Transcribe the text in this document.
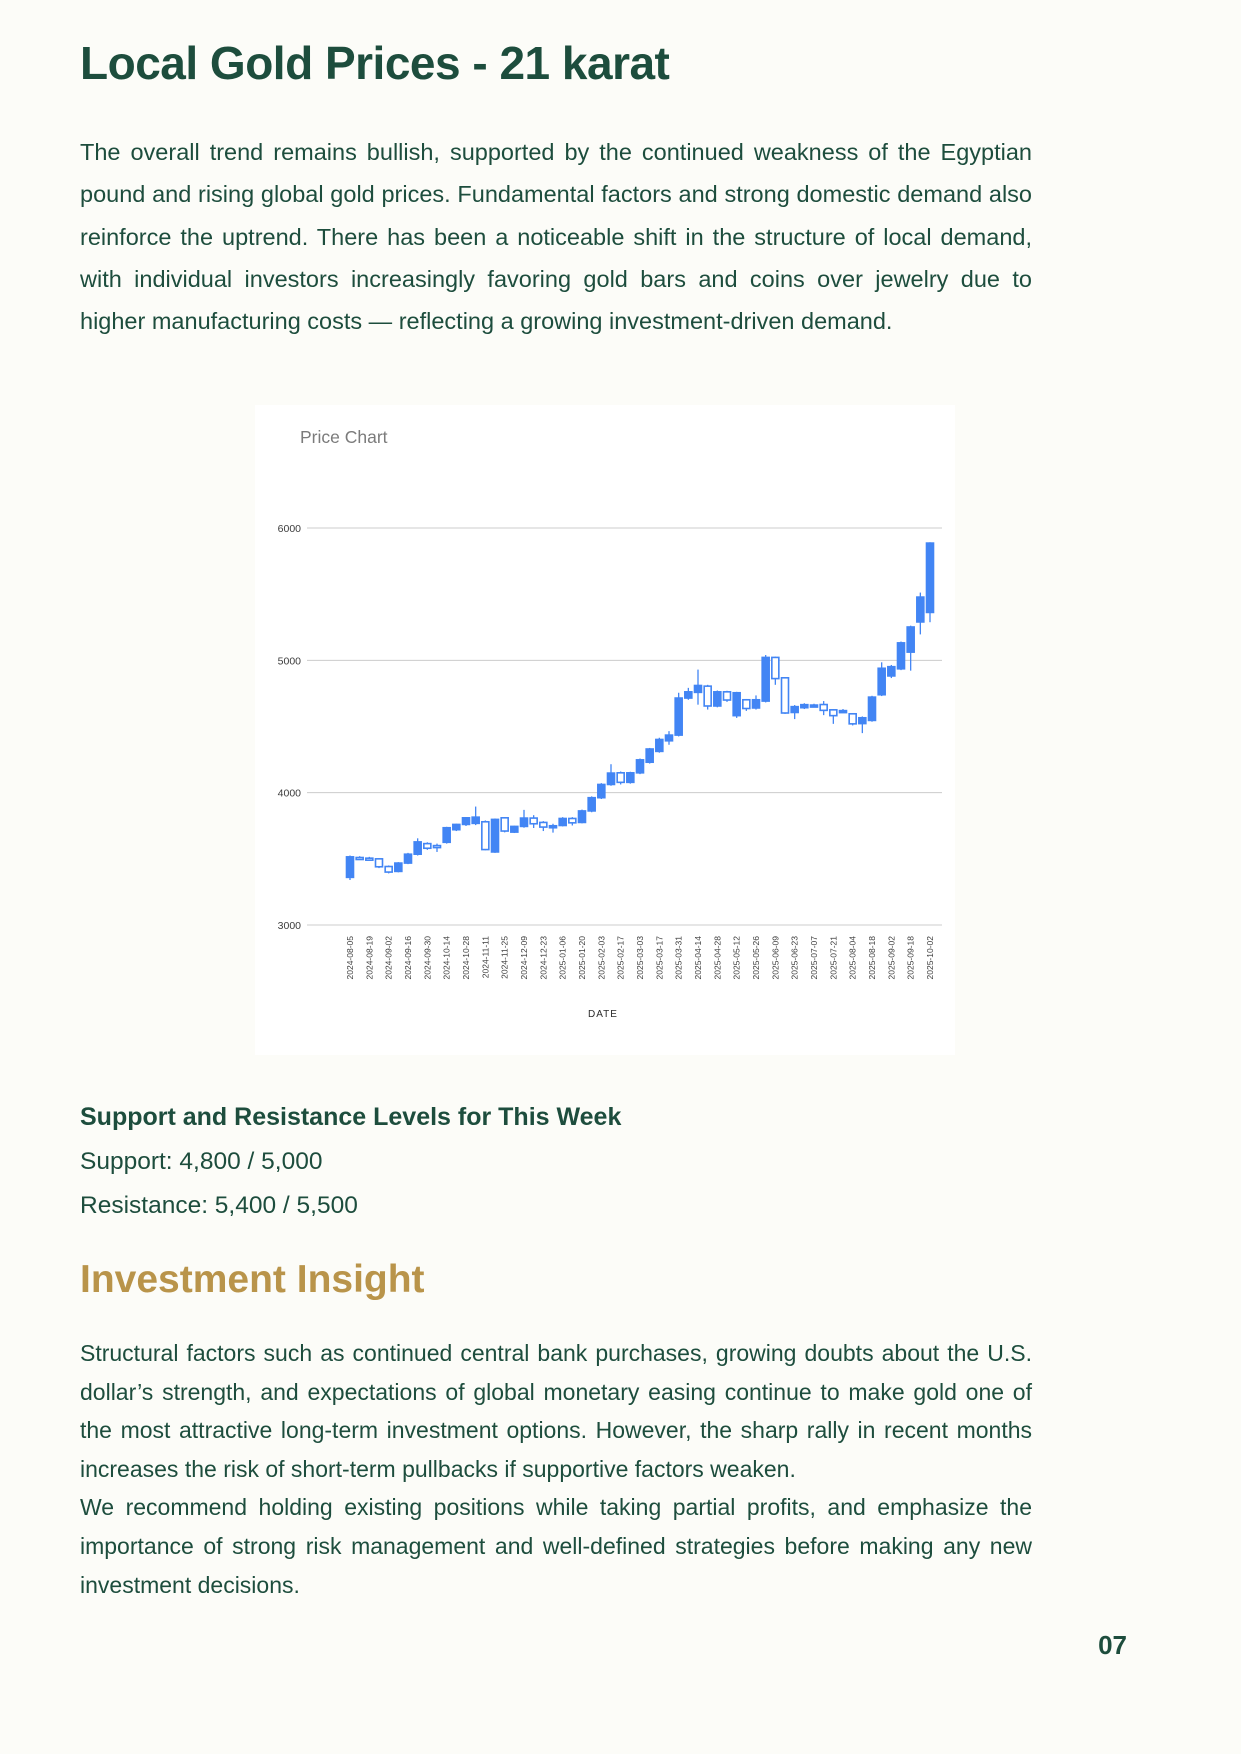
Local Gold Prices - 21 karat

The overall trend remains bullish, supported by the continued weakness of the Egyptian pound and rising global gold prices. Fundamental factors and strong domestic demand also reinforce the uptrend. There has been a noticeable shift in the structure of local demand, with individual investors increasingly favoring gold bars and coins over jewelry due to higher manufacturing costs — reflecting a growing investment-driven demand.

Price Chart
3000
4000
5000
6000
2024-08-05 2024-08-19 2024-09-02 2024-09-16 2024-09-30 2024-10-14 2024-10-28 2024-11-11 2024-11-25 2024-12-09 2024-12-23 2025-01-06 2025-01-20 2025-02-03 2025-02-17 2025-03-03 2025-03-17 2025-03-31 2025-04-14 2025-04-28 2025-05-12 2025-05-26 2025-06-09 2025-06-23 2025-07-07 2025-07-21 2025-08-04 2025-08-18 2025-09-02 2025-09-18 2025-10-02
DATE
Support and Resistance Levels for This Week

Support: 4,800 / 5,000

Resistance: 5,400 / 5,500

Investment Insight

Structural factors such as continued central bank purchases, growing doubts about the U.S. dollar’s strength, and expectations of global monetary easing continue to make gold one of the most attractive long-term investment options. However, the sharp rally in recent months increases the risk of short-term pullbacks if supportive factors weaken.

We recommend holding existing positions while taking partial profits, and emphasize the importance of strong risk management and well-defined strategies before making any new investment decisions.

07
